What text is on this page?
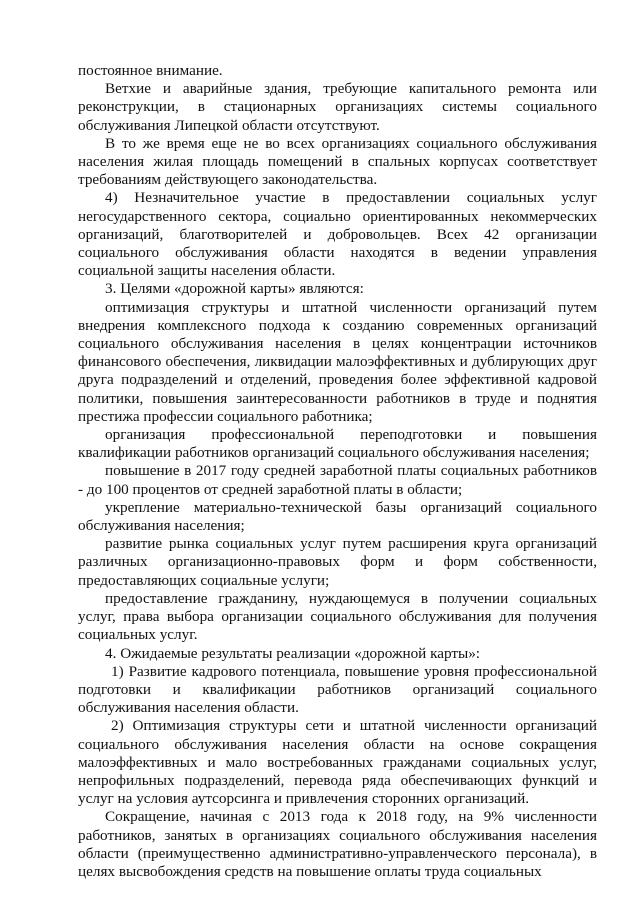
постоянное внимание.

Ветхие и аварийные здания, требующие капитального ремонта или реконструкции, в стационарных организациях системы социального обслуживания Липецкой области отсутствуют.

В то же время еще не во всех организациях социального обслуживания населения жилая площадь помещений в спальных корпусах соответствует требованиям действующего законодательства.

4) Незначительное участие в предоставлении социальных услуг негосударственного сектора, социально ориентированных некоммерческих организаций, благотворителей и добровольцев. Всех 42 организации социального обслуживания области находятся в ведении управления социальной защиты населения области.

3. Целями «дорожной карты» являются:

оптимизация структуры и штатной численности организаций путем внедрения комплексного подхода к созданию современных организаций социального обслуживания населения в целях концентрации источников финансового обеспечения, ликвидации малоэффективных и дублирующих друг друга подразделений и отделений, проведения более эффективной кадровой политики, повышения заинтересованности работников в труде и поднятия престижа профессии социального работника;

организация профессиональной переподготовки и повышения квалификации работников организаций социального обслуживания населения;

повышение в 2017 году средней заработной платы социальных работников - до 100 процентов от средней заработной платы в области;

укрепление материально-технической базы организаций социального обслуживания населения;

развитие рынка социальных услуг путем расширения круга организаций различных организационно-правовых форм и форм собственности, предоставляющих социальные услуги;

предоставление гражданину, нуждающемуся в получении социальных услуг, права выбора организации социального обслуживания для получения социальных услуг.

4. Ожидаемые результаты реализации «дорожной карты»:

1) Развитие кадрового потенциала, повышение уровня профессиональной подготовки и квалификации работников организаций социального обслуживания населения области.

2) Оптимизация структуры сети и штатной численности организаций социального обслуживания населения области на основе сокращения малоэффективных и мало востребованных гражданами социальных услуг, непрофильных подразделений, перевода ряда обеспечивающих функций и услуг на условия аутсорсинга и привлечения сторонних организаций.

Сокращение, начиная с 2013 года к 2018 году, на 9% численности работников, занятых в организациях социального обслуживания населения области (преимущественно административно-управленческого персонала), в целях высвобождения средств на повышение оплаты труда социальных
